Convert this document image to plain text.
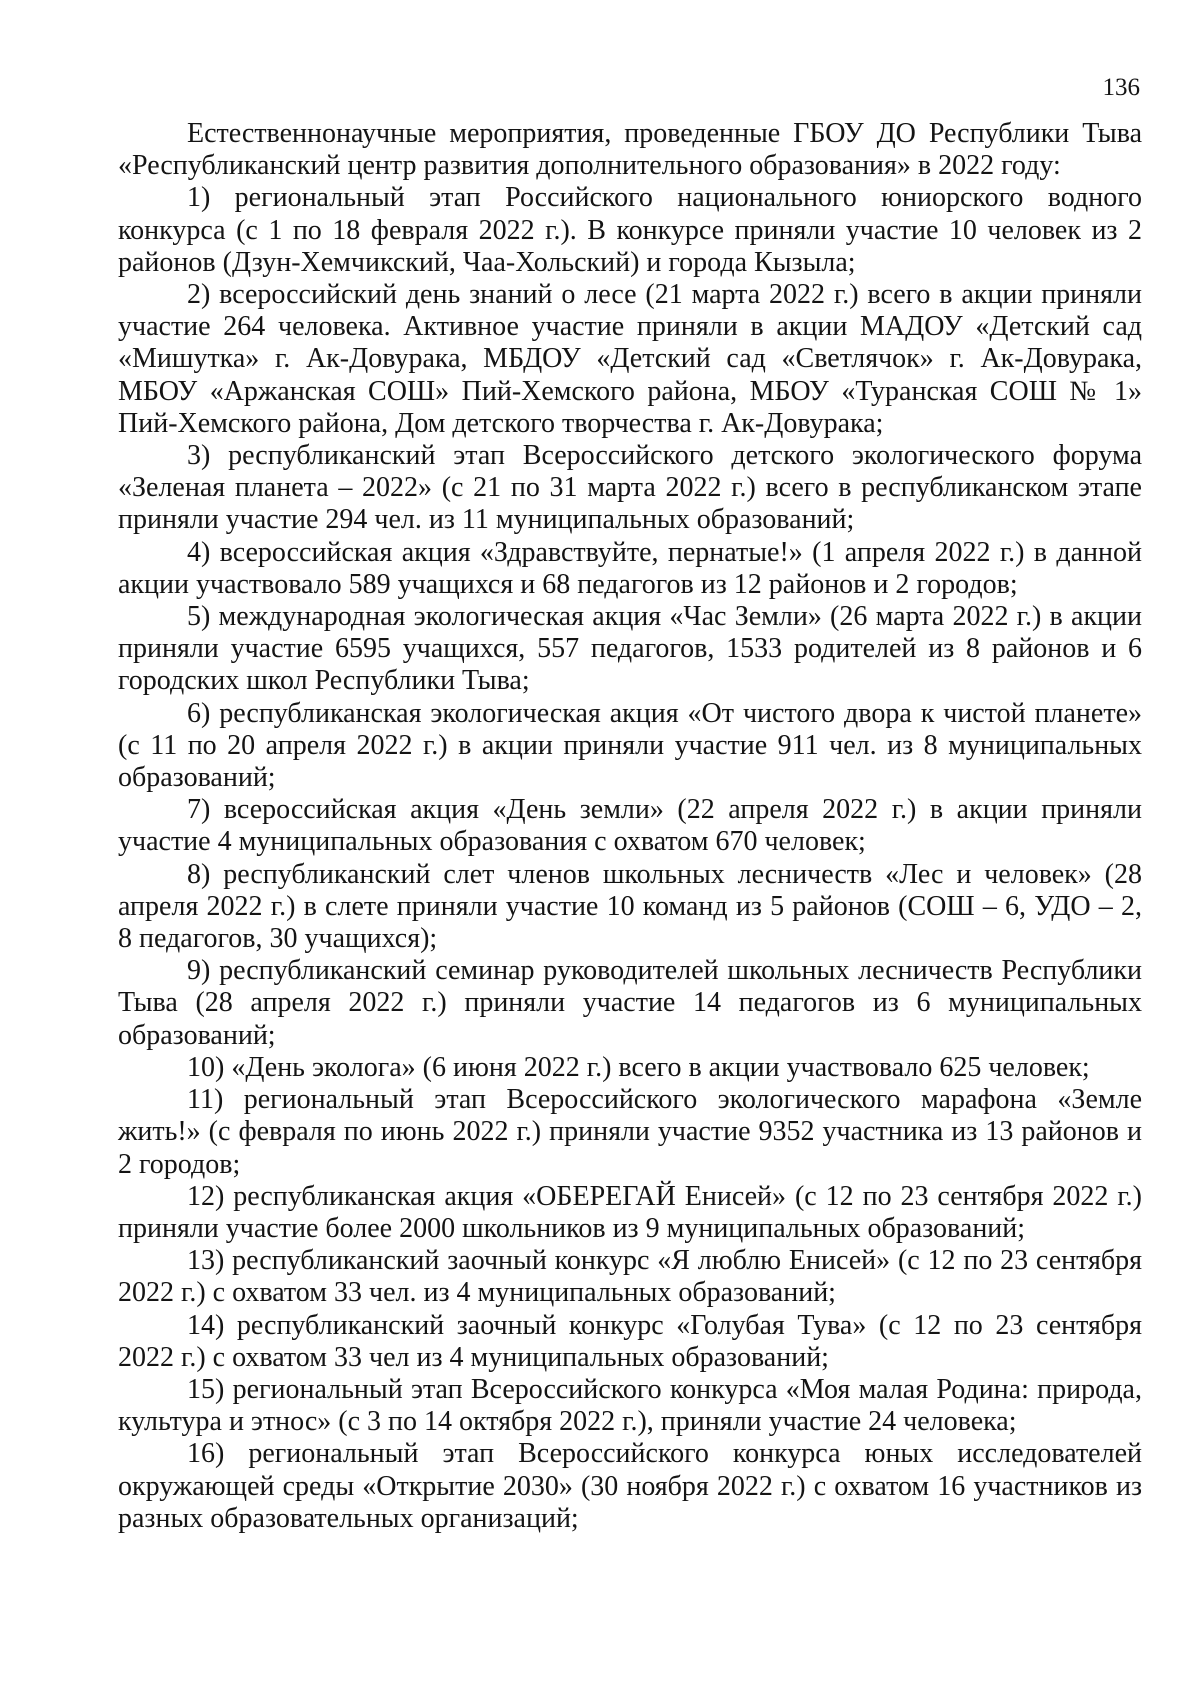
136

Естественнонаучные мероприятия, проведенные ГБОУ ДО Республики Тыва «Республиканский центр развития дополнительного образования» в 2022 году:

1) региональный этап Российского национального юниорского водного конкурса (с 1 по 18 февраля 2022 г.). В конкурсе приняли участие 10 человек из 2 районов (Дзун-Хемчикский, Чаа-Хольский) и города Кызыла;

2) всероссийский день знаний о лесе (21 марта 2022 г.) всего в акции приняли участие 264 человека. Активное участие приняли в акции МАДОУ «Детский сад «Мишутка» г. Ак-Довурака, МБДОУ «Детский сад «Светлячок» г. Ак-Довурака, МБОУ «Аржанская СОШ» Пий-Хемского района, МБОУ «Туранская СОШ № 1» Пий-Хемского района, Дом детского творчества г. Ак-Довурака;

3) республиканский этап Всероссийского детского экологического форума «Зеленая планета – 2022» (с 21 по 31 марта 2022 г.) всего в республиканском этапе приняли участие 294 чел. из 11 муниципальных образований;

4) всероссийская акция «Здравствуйте, пернатые!» (1 апреля 2022 г.) в данной акции участвовало 589 учащихся и 68 педагогов из 12 районов и 2 городов;

5) международная экологическая акция «Час Земли» (26 марта 2022 г.) в акции приняли участие 6595 учащихся, 557 педагогов, 1533 родителей из 8 районов и 6 городских школ Республики Тыва;

6) республиканская экологическая акция «От чистого двора к чистой планете» (с 11 по 20 апреля 2022 г.) в акции приняли участие 911 чел. из 8 муниципальных образований;

7) всероссийская акция «День земли» (22 апреля 2022 г.) в акции приняли участие 4 муниципальных образования с охватом 670 человек;

8) республиканский слет членов школьных лесничеств «Лес и человек» (28 апреля 2022 г.) в слете приняли участие 10 команд из 5 районов (СОШ – 6, УДО – 2, 8 педагогов, 30 учащихся);

9) республиканский семинар руководителей школьных лесничеств Республики Тыва (28 апреля 2022 г.) приняли участие 14 педагогов из 6 муниципальных образований;

10) «День эколога» (6 июня 2022 г.) всего в акции участвовало 625 человек;

11) региональный этап Всероссийского экологического марафона «Земле жить!» (с февраля по июнь 2022 г.) приняли участие 9352 участника из 13 районов и 2 городов;

12) республиканская акция «ОБЕРЕГАЙ Енисей» (с 12 по 23 сентября 2022 г.) приняли участие более 2000 школьников из 9 муниципальных образований;

13) республиканский заочный конкурс «Я люблю Енисей» (с 12 по 23 сентября 2022 г.) с охватом 33 чел. из 4 муниципальных образований;

14) республиканский заочный конкурс «Голубая Тува» (с 12 по 23 сентября 2022 г.) с охватом 33 чел из 4 муниципальных образований;

15) региональный этап Всероссийского конкурса «Моя малая Родина: природа, культура и этнос» (с 3 по 14 октября 2022 г.), приняли участие 24 человека;

16) региональный этап Всероссийского конкурса юных исследователей окружающей среды «Открытие 2030» (30 ноября 2022 г.) с охватом 16 участников из разных образовательных организаций;
